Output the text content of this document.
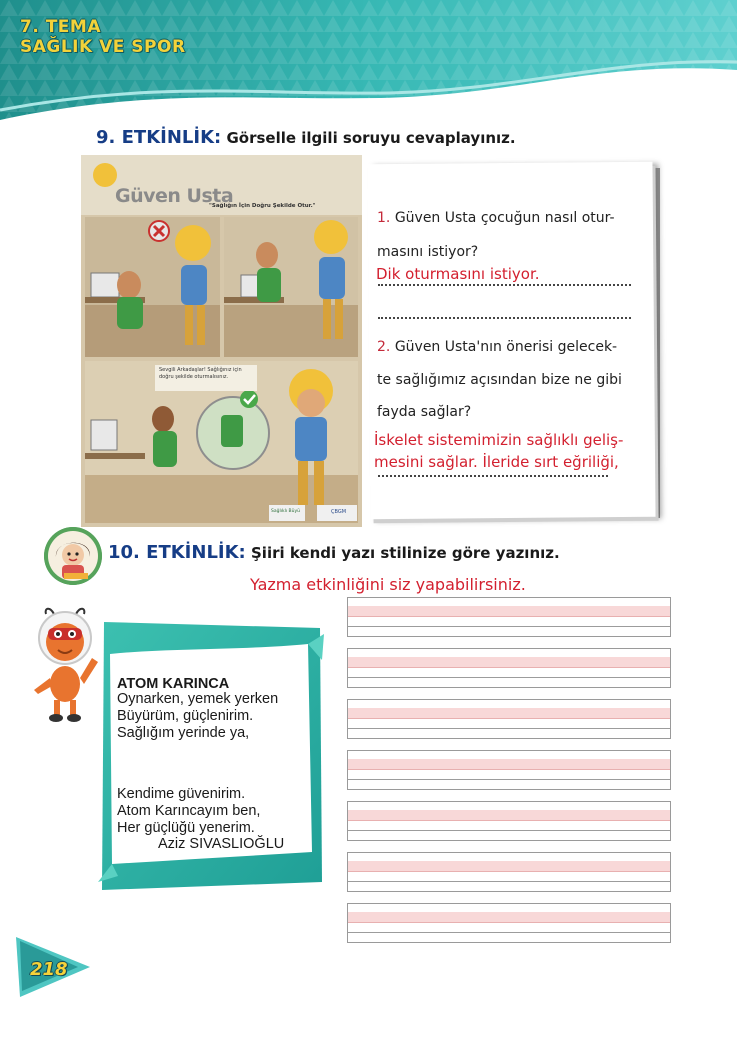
7. TEMA
SAĞLIK VE SPOR
9. ETKİNLİK: Görselle ilgili soruyu cevaplayınız.
Güven Usta
"Sağlığın İçin Doğru Şekilde Otur."
Sevgili Arkadaşlar! Sağlığınız için doğru şekilde oturmalısınız.
Sağlıklı Büyü	ÇBGM
1. Güven Usta çocuğun nasıl otur-
masını istiyor?
Dik oturmasını istiyor.
2. Güven Usta'nın önerisi gelecek-
te sağlığımız açısından bize ne gibi
fayda sağlar?
İskelet sistemimizin sağlıklı geliş-
mesini sağlar. İleride sırt eğriliği,
10. ETKİNLİK: Şiiri kendi yazı stilinize göre yazınız.
Yazma etkinliğini siz yapabilirsiniz.
ATOM KARINCA
Oynarken, yemek yerken
Büyürüm, güçlenirim.
Sağlığım yerinde ya,
Kendime güvenirim.
Atom Karıncayım ben,
Her güçlüğü yenerim.
Aziz SIVASLIOĞLU
218
